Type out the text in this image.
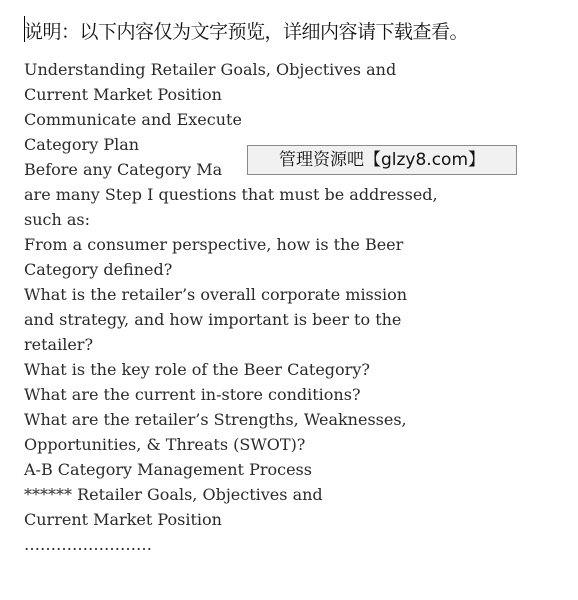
说明：以下内容仅为文字预览，详细内容请下载查看。
Understanding Retailer Goals, Objectives and
Current Market Position
Communicate and Execute
Category Plan
Before any Category Ma
are many Step I questions that must be addressed,
such as:
From a consumer perspective, how is the Beer
Category defined?
What is the retailer’s overall corporate mission
and strategy, and how important is beer to the
retailer?
What is the key role of the Beer Category?
What are the current in-store conditions?
What are the retailer’s Strengths, Weaknesses,
Opportunities, & Threats (SWOT)?
A-B Category Management Process
****** Retailer Goals, Objectives and
Current Market Position
……………………
管理资源吧【glzy8.com】
